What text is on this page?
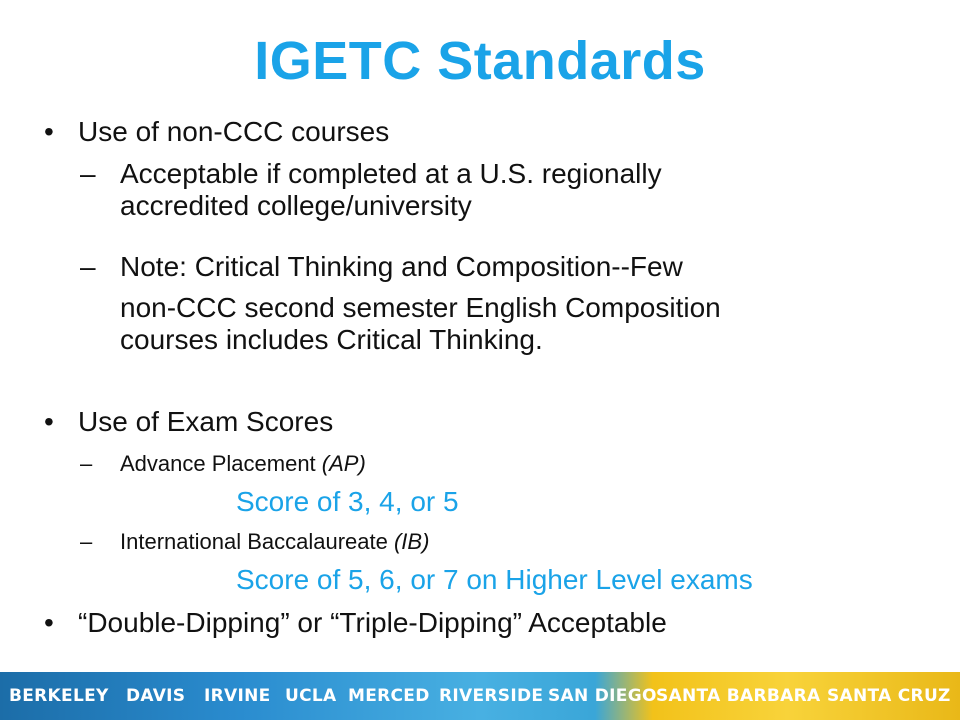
IGETC Standards
• Use of non-CCC courses
– Acceptable if completed at a U.S. regionally
accredited college/university
– Note: Critical Thinking and Composition--Few
non-CCC second semester English Composition
courses includes Critical Thinking.
• Use of Exam Scores
– Advance Placement (AP)
Score of 3, 4, or 5
– International Baccalaureate (IB)
Score of 5, 6, or 7 on Higher Level exams
• “Double-Dipping” or “Triple-Dipping” Acceptable
BERKELEY DAVIS IRVINE UCLA MERCED RIVERSIDE SAN DIEGO SANTA BARBARA SANTA CRUZ
